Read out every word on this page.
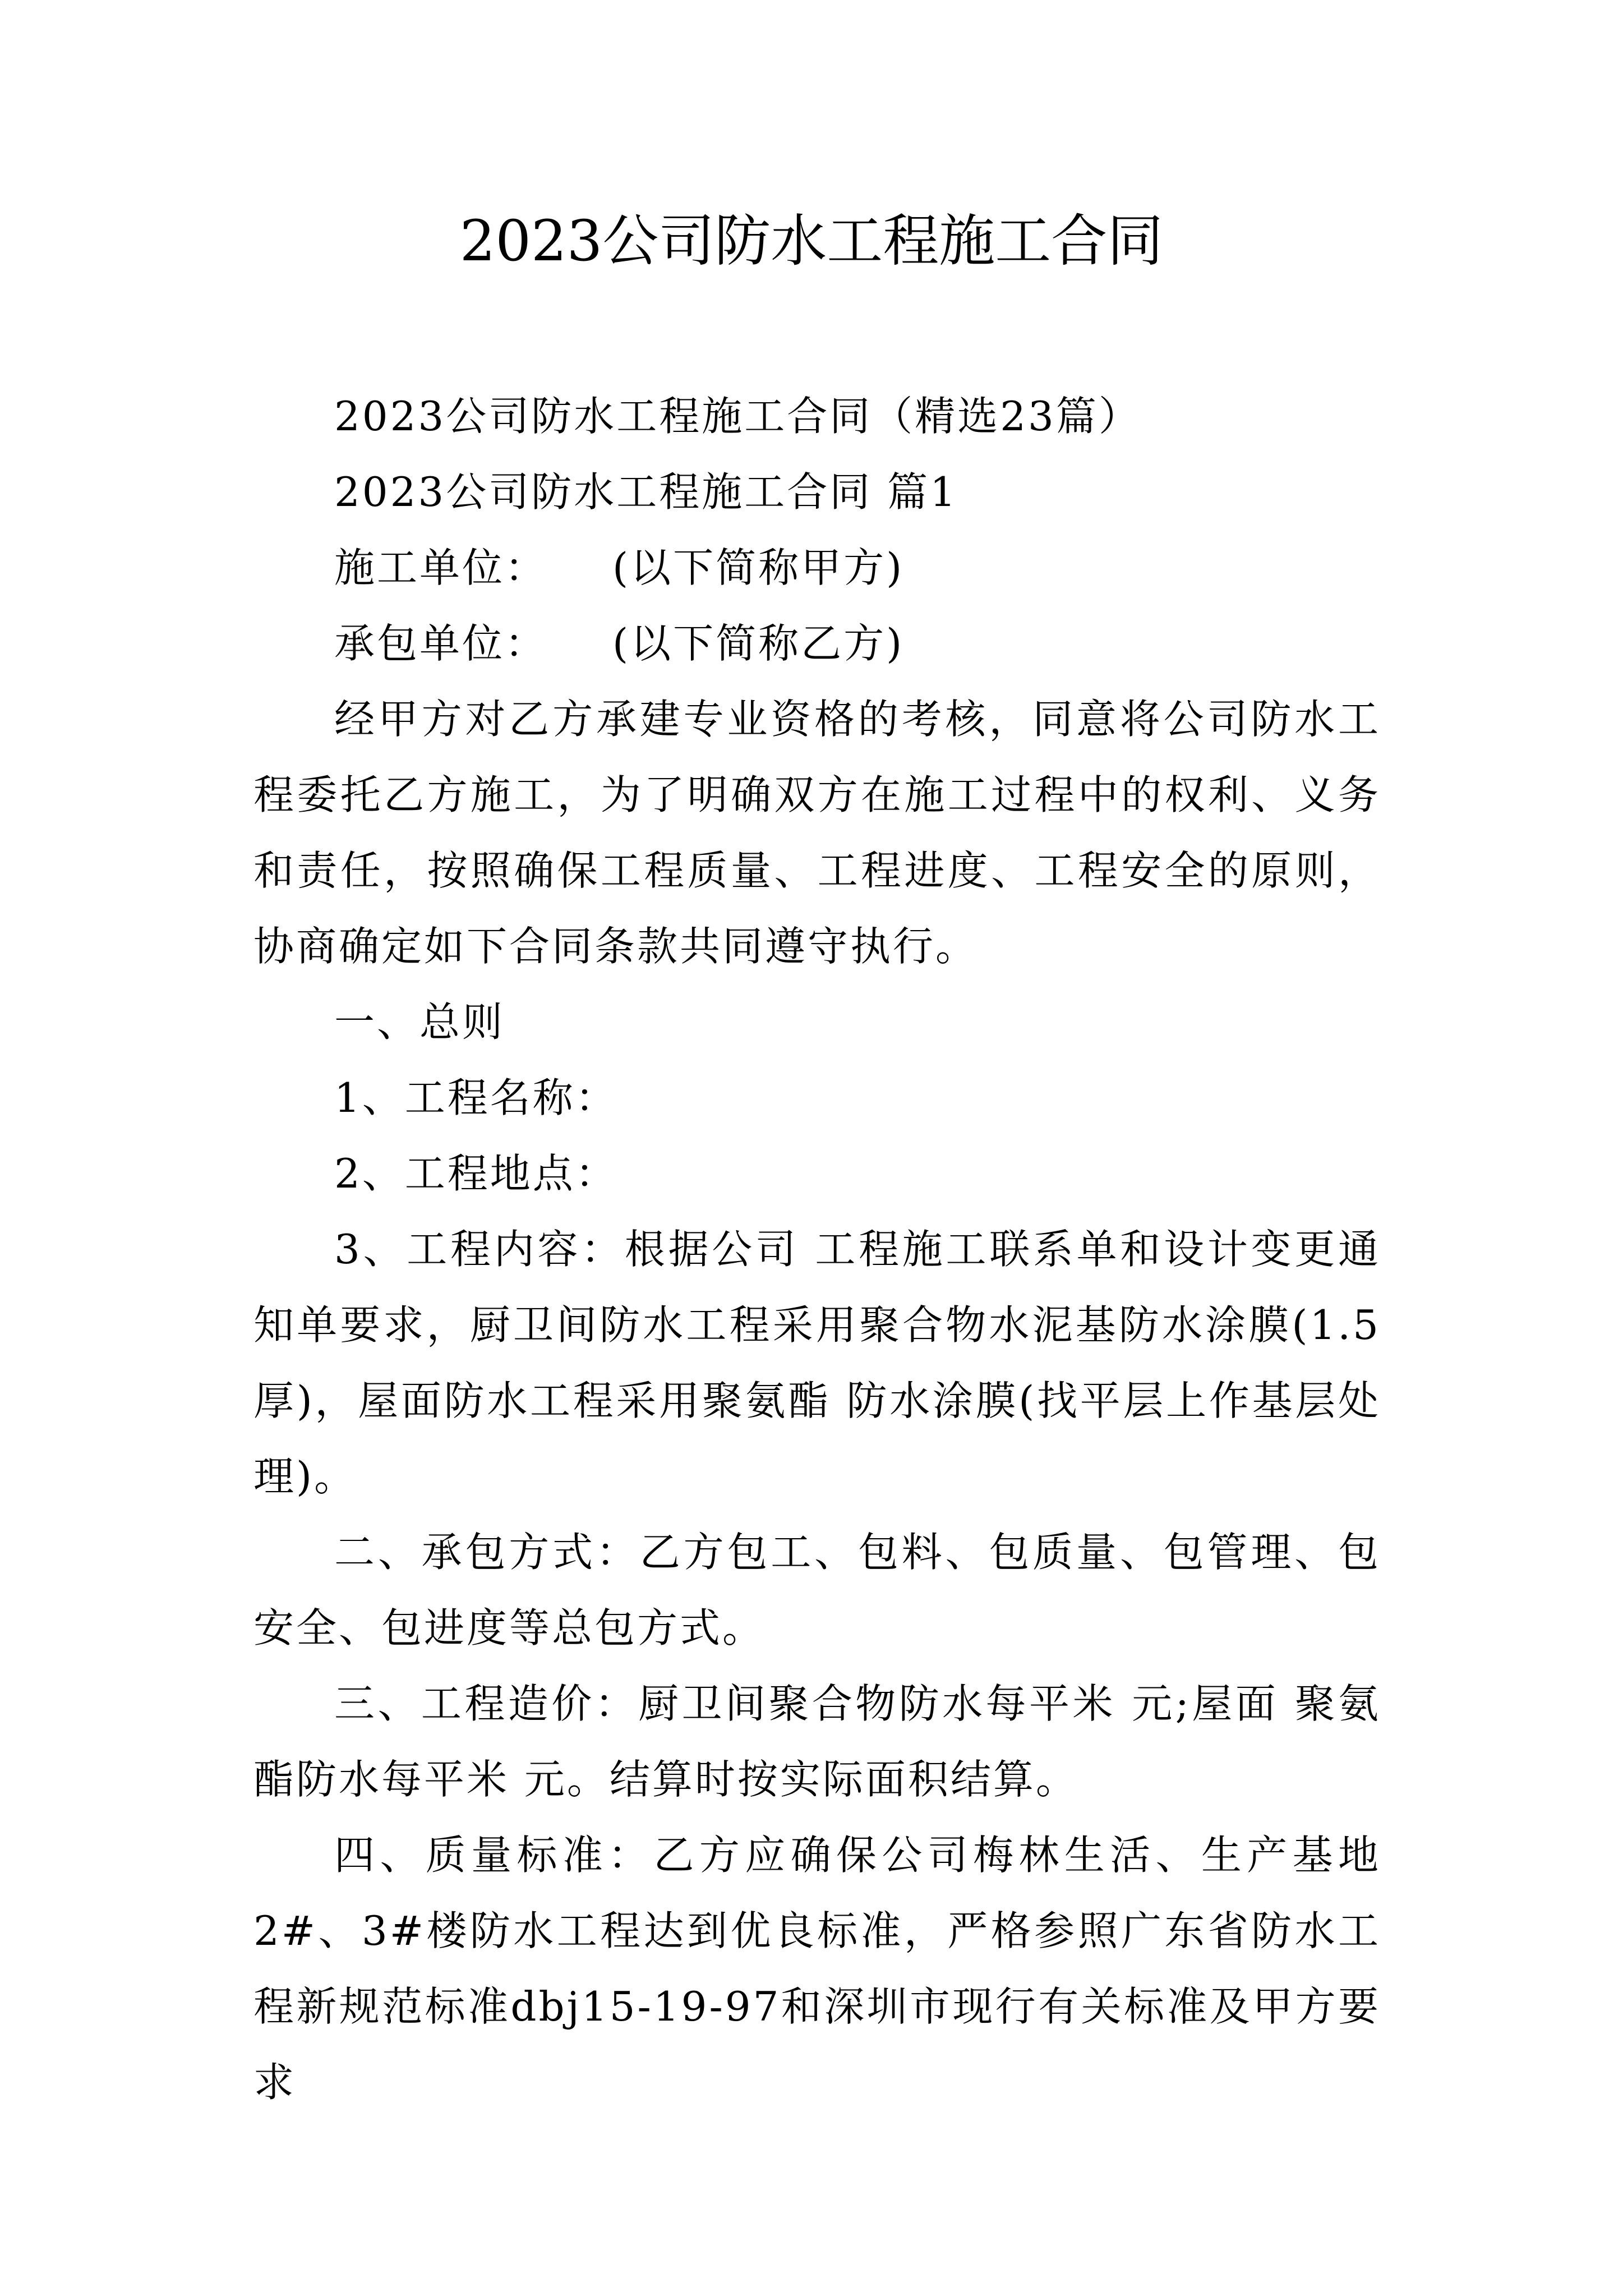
2023公司防水工程施工合同

2023公司防水工程施工合同（精选23篇）

2023公司防水工程施工合同 篇1

施工单位：　　(以下简称甲方)

承包单位：　　(以下简称乙方)

经甲方对乙方承建专业资格的考核，同意将公司防水工程委托乙方施工，为了明确双方在施工过程中的权利、义务和责任，按照确保工程质量、工程进度、工程安全的原则，协商确定如下合同条款共同遵守执行。

一、总则

1、工程名称：

2、工程地点：

3、工程内容：根据公司 工程施工联系单和设计变更通知单要求，厨卫间防水工程采用聚合物水泥基防水涂膜(1.5厚)，屋面防水工程采用聚氨酯 防水涂膜(找平层上作基层处理)。

二、承包方式：乙方包工、包料、包质量、包管理、包安全、包进度等总包方式。

三、工程造价：厨卫间聚合物防水每平米 元;屋面 聚氨酯防水每平米 元。结算时按实际面积结算。

四、质量标准：乙方应确保公司梅林生活、生产基地2#、3#楼防水工程达到优良标准，严格参照广东省防水工程新规范标准dbj15-19-97和深圳市现行有关标准及甲方要求
